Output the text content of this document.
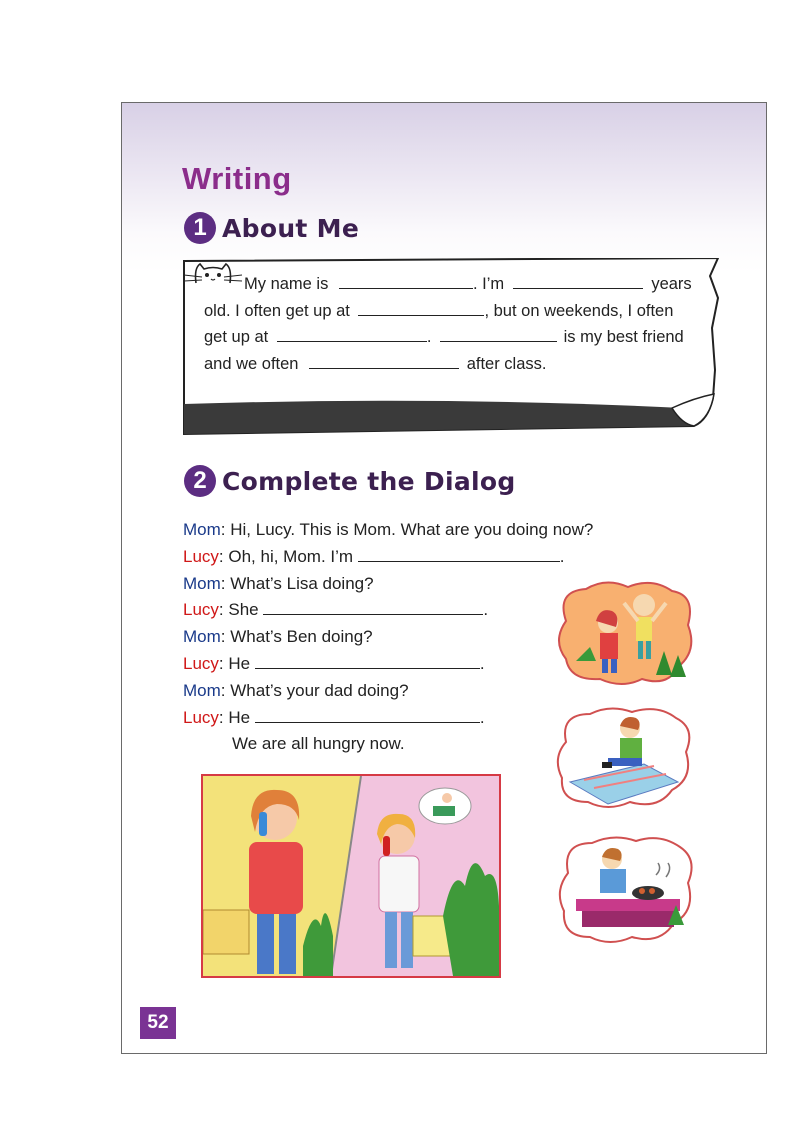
Writing
1 About Me
My name is	. I’m	years
old. I often get up at	, but on weekends, I often
get up at	.	is my best friend
and we often	after class.
2 Complete the Dialog
Mom: Hi, Lucy. This is Mom. What are you doing now?
Lucy: Oh, hi, Mom. I’m	.
Mom: What’s Lisa doing?
Lucy: She	.
Mom: What’s Ben doing?
Lucy: He	.
Mom: What’s your dad doing?
Lucy: He	.
We are all hungry now.
52
